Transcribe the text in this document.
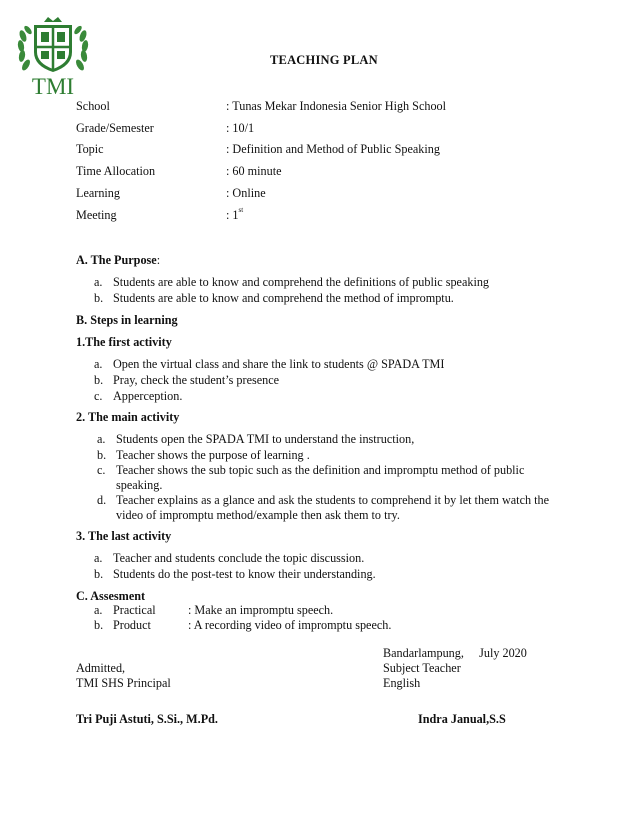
TMI
TEACHING PLAN
School	: Tunas Mekar Indonesia Senior High School
Grade/Semester	: 10/1
Topic	: Definition and Method of Public Speaking
Time Allocation	: 60 minute
Learning	: Online
Meeting	: 1st
A. The Purpose:
a. Students are able to know and comprehend the definitions of public speaking
b. Students are able to know and comprehend the method of impromptu.
B. Steps in learning
1.The first activity
a. Open the virtual class and share the link to students @ SPADA TMI
b. Pray, check the student’s presence
c. Apperception.
2. The main activity
a. Students open the SPADA TMI to understand the instruction,
b. Teacher shows the purpose of learning .
c. Teacher shows the sub topic such as the definition and impromptu method of public
speaking.
d. Teacher explains as a glance and ask the students to comprehend it by let them watch the
video of impromptu method/example then ask them to try.
3. The last activity
a. Teacher and students conclude the topic discussion.
b. Students do the post-test to know their understanding.
C. Assesment
a. Practical	: Make an impromptu speech.
b. Product	: A recording video of impromptu speech.
Bandarlampung,     July 2020
Subject Teacher
English
Admitted,
TMI SHS Principal
Tri Puji Astuti, S.Si., M.Pd.	Indra Janual,S.S
